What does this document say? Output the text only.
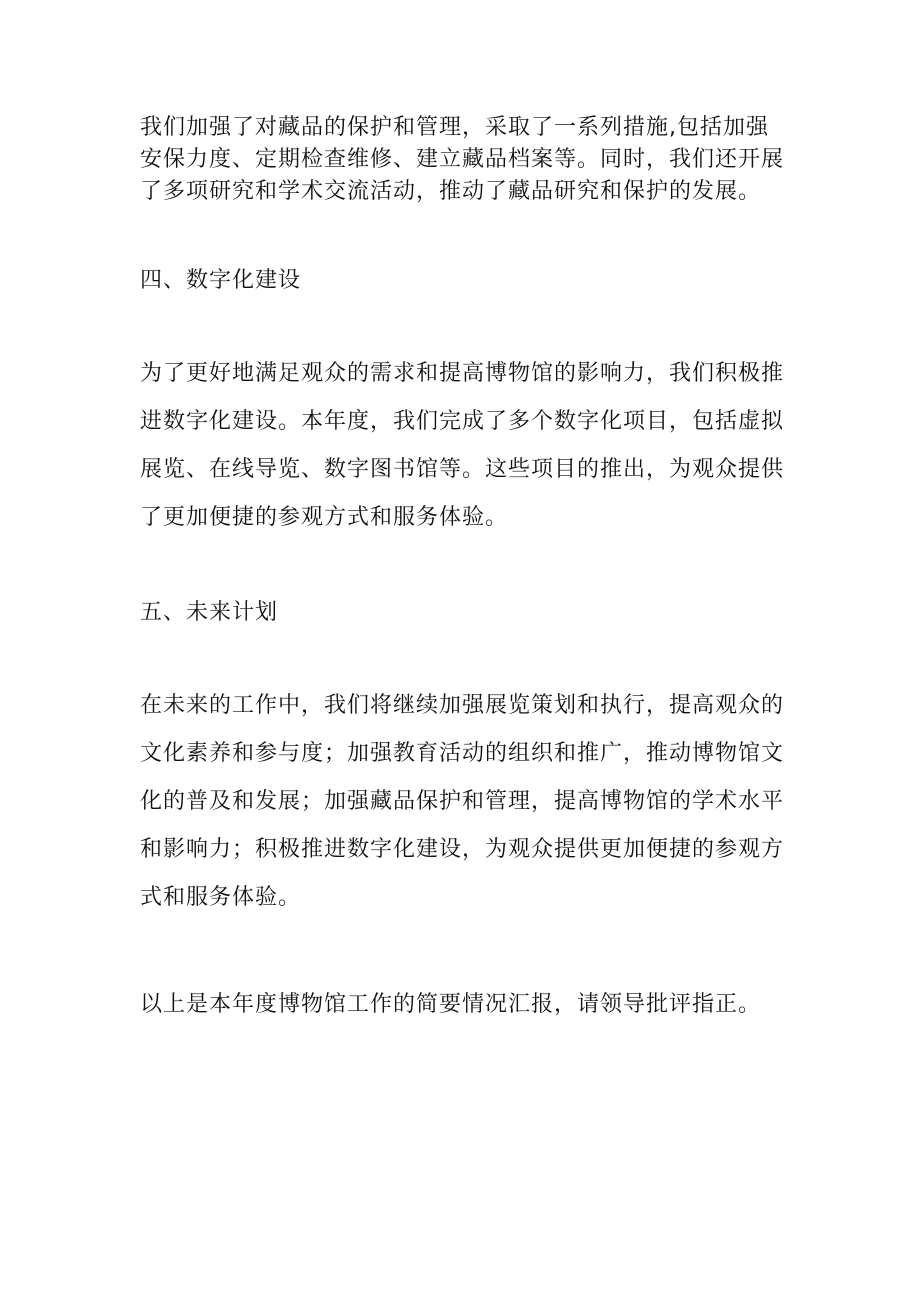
我们加强了对藏品的保护和管理，采取了一系列措施,包括加强
安保力度、定期检查维修、建立藏品档案等。同时，我们还开展
了多项研究和学术交流活动，推动了藏品研究和保护的发展。
四、数字化建设
为了更好地满足观众的需求和提高博物馆的影响力，我们积极推
进数字化建设。本年度，我们完成了多个数字化项目，包括虚拟
展览、在线导览、数字图书馆等。这些项目的推出，为观众提供
了更加便捷的参观方式和服务体验。
五、未来计划
在未来的工作中，我们将继续加强展览策划和执行，提高观众的
文化素养和参与度；加强教育活动的组织和推广，推动博物馆文
化的普及和发展；加强藏品保护和管理，提高博物馆的学术水平
和影响力；积极推进数字化建设，为观众提供更加便捷的参观方
式和服务体验。
以上是本年度博物馆工作的简要情况汇报，请领导批评指正。
